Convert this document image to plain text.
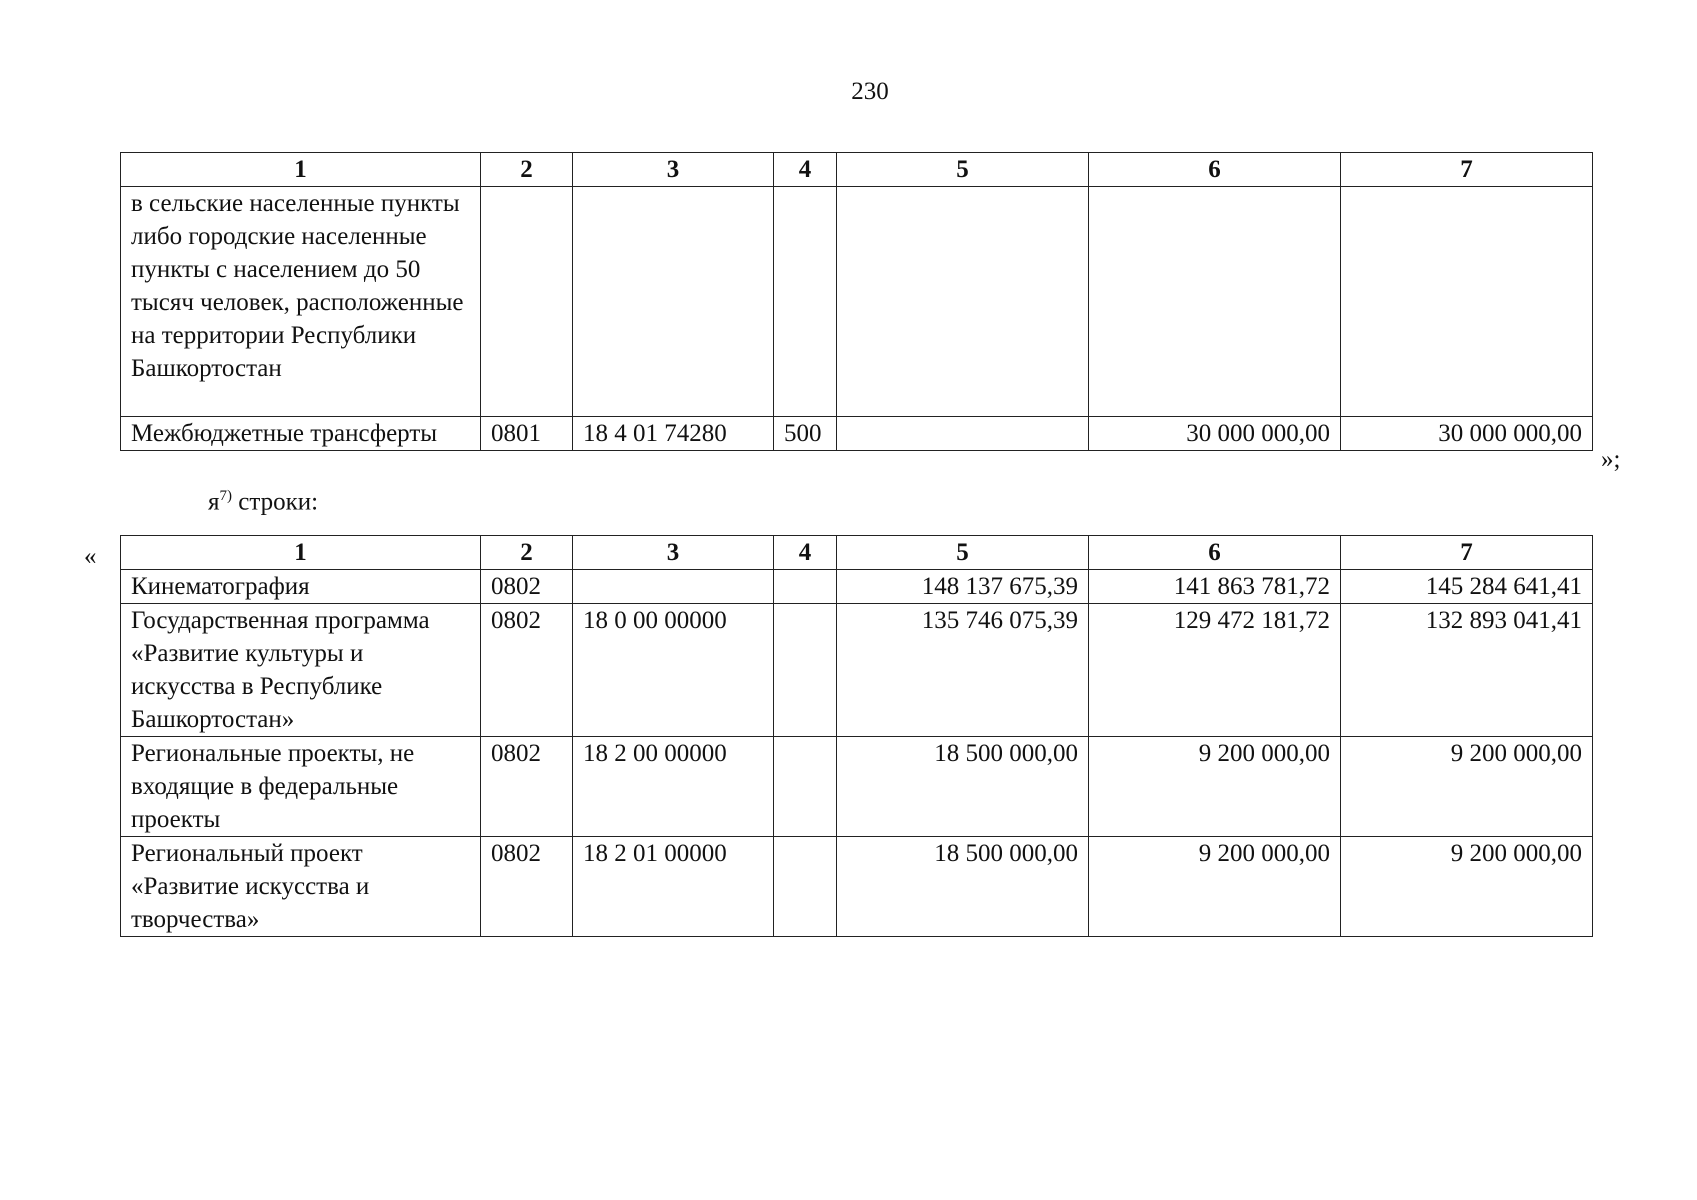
230
1	2	3	4	5	6	7
в сельские населенные пункты либо городские населенные пункты с населением до 50 тысяч человек, расположенные на территории Республики Башкортостан						
Межбюджетные трансферты	0801	18 4 01 74280	500		30 000 000,00	30 000 000,00
»;
$я^{7)}$ строки:
«	1	2	3	4	5	6	7
Кинематография	0802			148 137 675,39	141 863 781,72	145 284 641,41
Государственная программа «Развитие культуры и искусства в Республике Башкортостан»	0802	18 0 00 00000		135 746 075,39	129 472 181,72	132 893 041,41
Региональные проекты, не входящие в федеральные проекты	0802	18 2 00 00000		18 500 000,00	9 200 000,00	9 200 000,00
Региональный проект «Развитие искусства и творчества»	0802	18 2 01 00000		18 500 000,00	9 200 000,00	9 200 000,00
